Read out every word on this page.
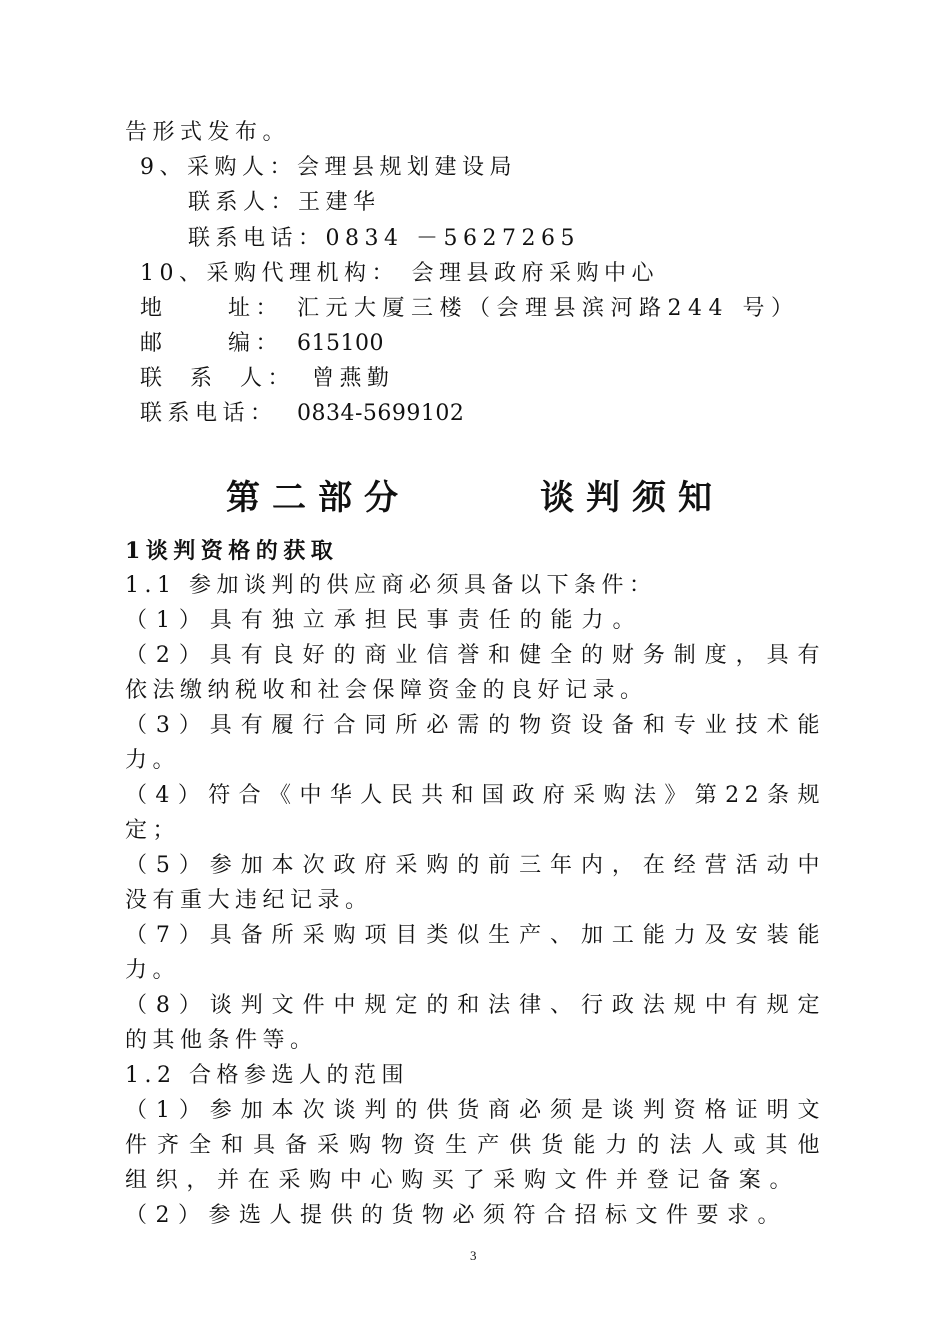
告形式发布。
9、采购人：会理县规划建设局
联系人：王建华
联系电话：0834 －5627265
10、采购代理机构： 会理县政府采购中心
地 址： 汇元大厦三楼（会理县滨河路244 号）
邮 编： 615100
联 系 人： 曾燕勤
联系电话： 0834-5699102
第二部分	谈判须知
1谈判资格的获取
1.1 参加谈判的供应商必须具备以下条件：
（1）具有独立承担民事责任的能力。
（2）具有良好的商业信誉和健全的财务制度，具有
依法缴纳税收和社会保障资金的良好记录。
（3）具有履行合同所必需的物资设备和专业技术能
力。
（4）符合《中华人民共和国政府采购法》第22条规
定；
（5）参加本次政府采购的前三年内，在经营活动中
没有重大违纪记录。
（7）具备所采购项目类似生产、加工能力及安装能
力。
（8）谈判文件中规定的和法律、行政法规中有规定
的其他条件等。
1.2 合格参选人的范围
（1）参加本次谈判的供货商必须是谈判资格证明文
件齐全和具备采购物资生产供货能力的法人或其他
组织，并在采购中心购买了采购文件并登记备案。
（2）参选人提供的货物必须符合招标文件要求。
3
